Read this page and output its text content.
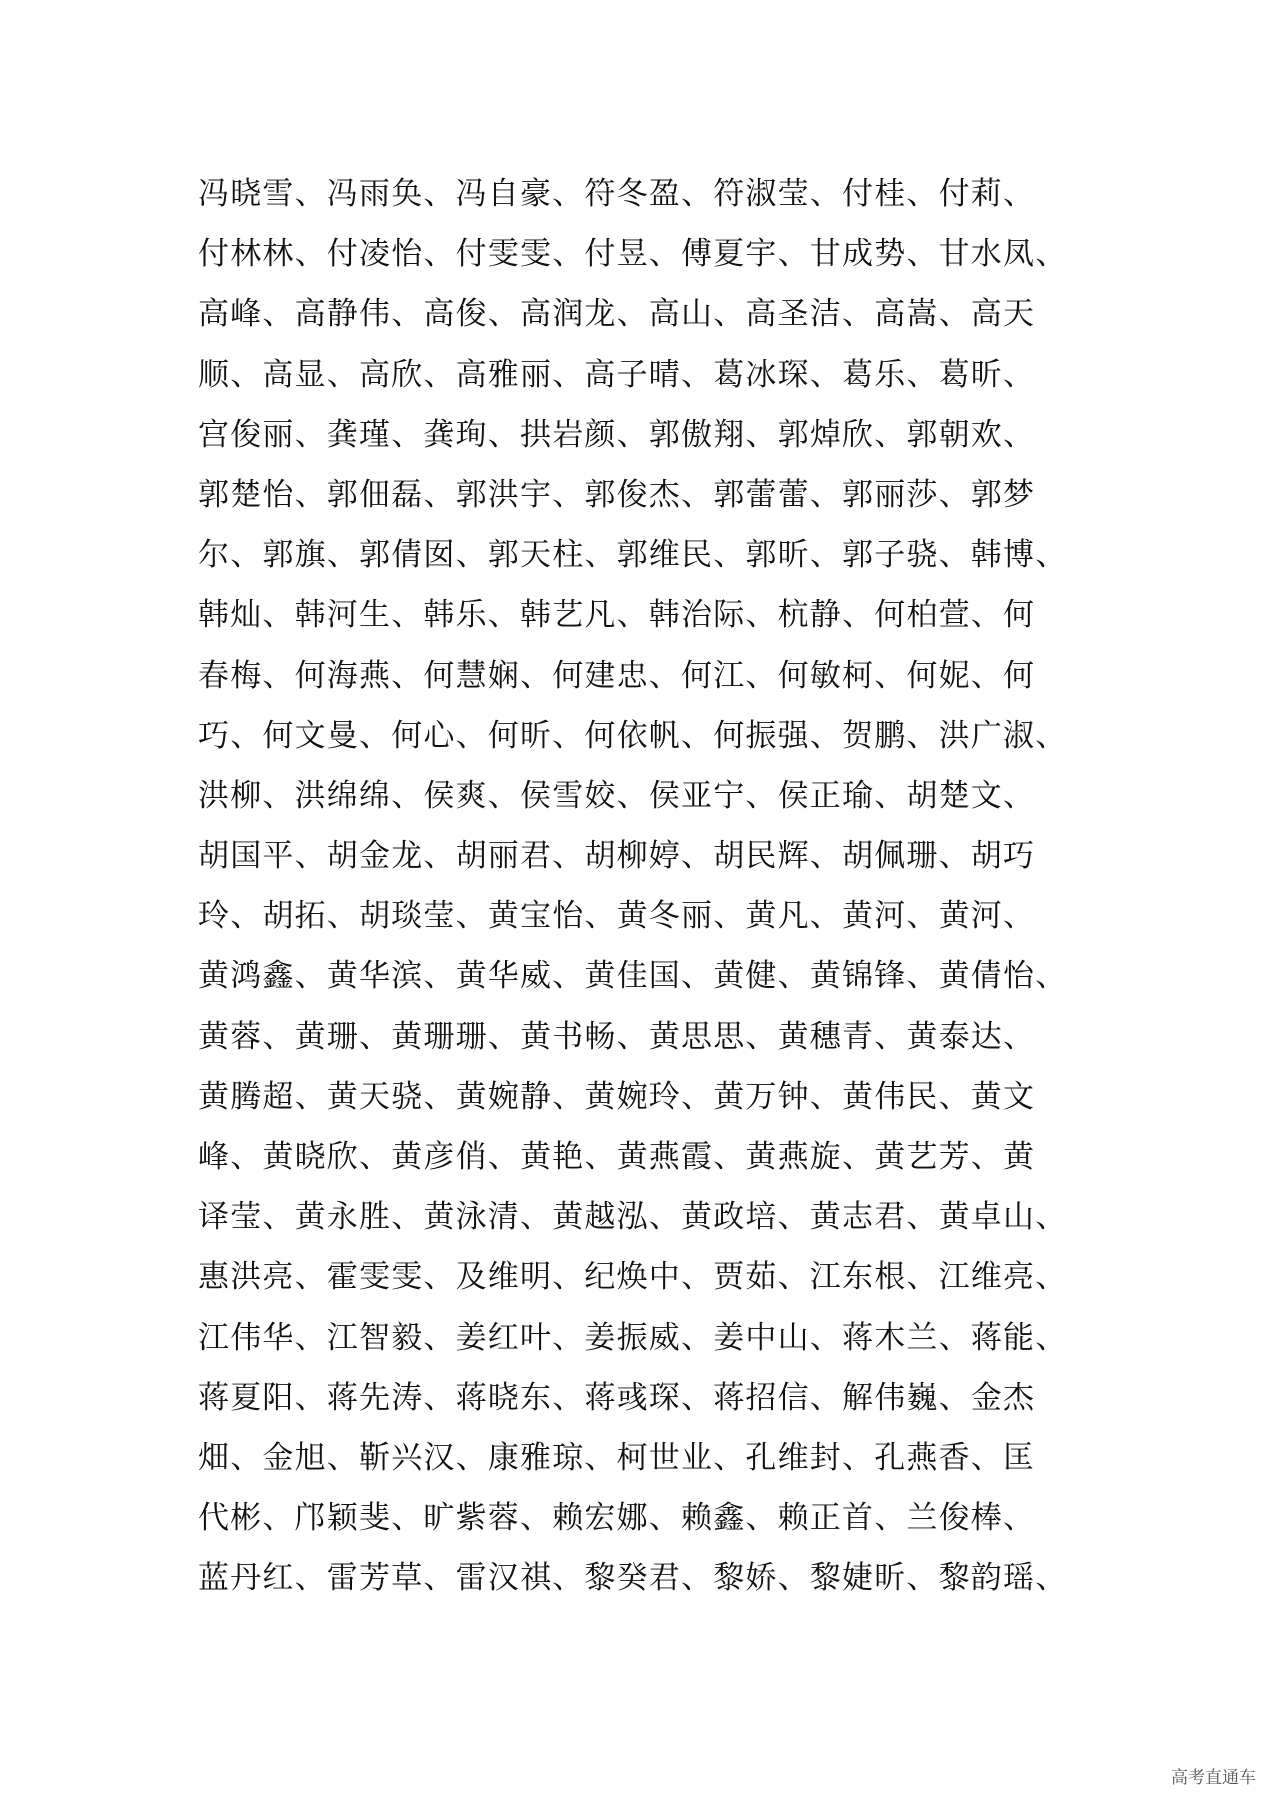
冯晓雪、冯雨奂、冯自豪、符冬盈、符淑莹、付桂、付莉、
付林林、付凌怡、付雯雯、付昱、傅夏宇、甘成势、甘水凤、
高峰、高静伟、高俊、高润龙、高山、高圣洁、高嵩、高天
顺、高显、高欣、高雅丽、高子晴、葛冰琛、葛乐、葛昕、
宫俊丽、龚瑾、龚珣、拱岩颜、郭傲翔、郭焯欣、郭朝欢、
郭楚怡、郭佃磊、郭洪宇、郭俊杰、郭蕾蕾、郭丽莎、郭梦
尔、郭旗、郭倩囡、郭天柱、郭维民、郭昕、郭子骁、韩博、
韩灿、韩河生、韩乐、韩艺凡、韩治际、杭静、何柏萱、何
春梅、何海燕、何慧娴、何建忠、何江、何敏柯、何妮、何
巧、何文曼、何心、何昕、何依帆、何振强、贺鹏、洪广淑、
洪柳、洪绵绵、侯爽、侯雪姣、侯亚宁、侯正瑜、胡楚文、
胡国平、胡金龙、胡丽君、胡柳婷、胡民辉、胡佩珊、胡巧
玲、胡拓、胡琰莹、黄宝怡、黄冬丽、黄凡、黄河、黄河、
黄鸿鑫、黄华滨、黄华威、黄佳国、黄健、黄锦锋、黄倩怡、
黄蓉、黄珊、黄珊珊、黄书畅、黄思思、黄穗青、黄泰达、
黄腾超、黄天骁、黄婉静、黄婉玲、黄万钟、黄伟民、黄文
峰、黄晓欣、黄彦俏、黄艳、黄燕霞、黄燕旋、黄艺芳、黄
译莹、黄永胜、黄泳清、黄越泓、黄政培、黄志君、黄卓山、
惠洪亮、霍雯雯、及维明、纪焕中、贾茹、江东根、江维亮、
江伟华、江智毅、姜红叶、姜振威、姜中山、蒋木兰、蒋能、
蒋夏阳、蒋先涛、蒋晓东、蒋彧琛、蒋招信、解伟巍、金杰
畑、金旭、靳兴汉、康雅琼、柯世业、孔维封、孔燕香、匡
代彬、邝颖斐、旷紫蓉、赖宏娜、赖鑫、赖正首、兰俊棒、
蓝丹红、雷芳草、雷汉祺、黎癸君、黎娇、黎婕昕、黎韵瑶、
高考直通车
